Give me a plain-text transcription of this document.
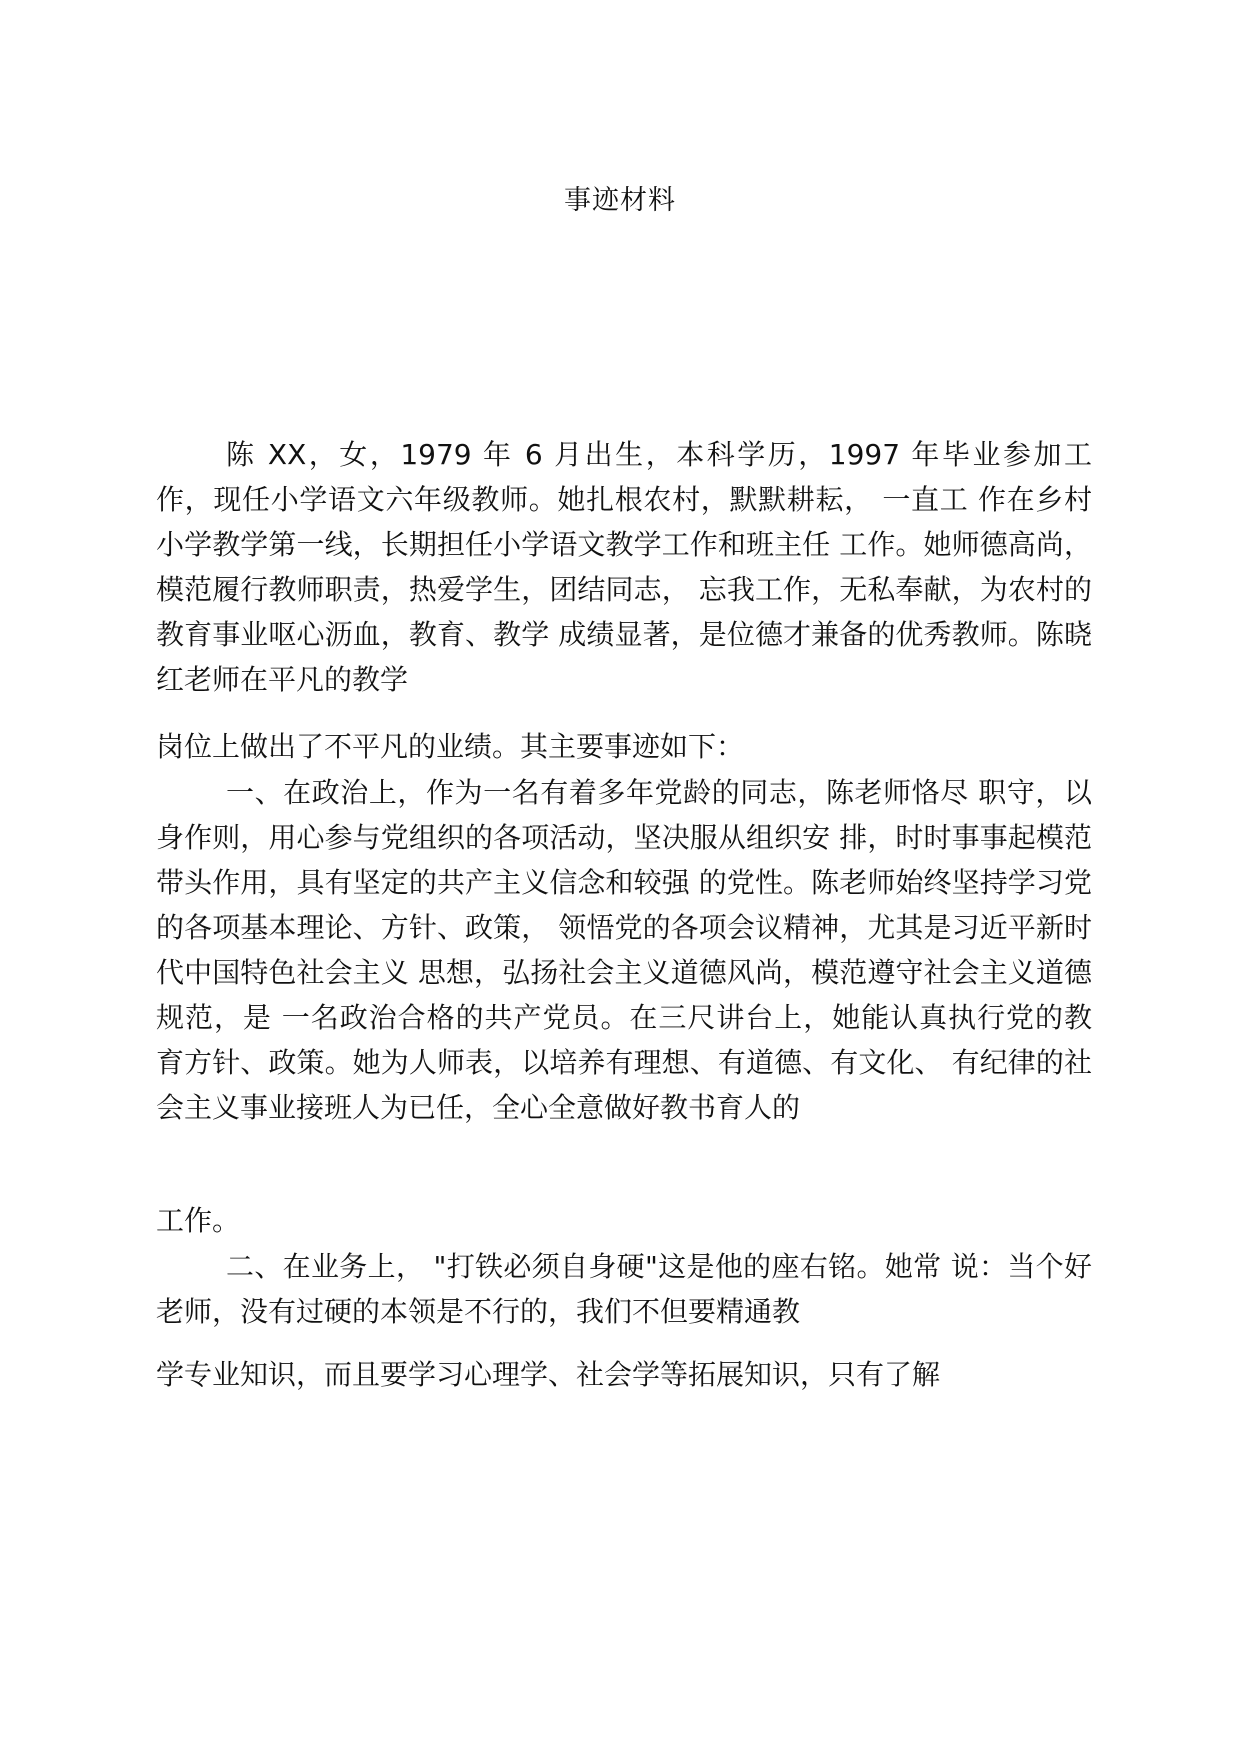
事迹材料

陈 XX，女，1979 年 6 月出生，本科学历，1997 年毕业参加工 作，现任小学语文六年级教师。她扎根农村，默默耕耘， 一直工 作在乡村小学教学第一线，长期担任小学语文教学工作和班主任 工作。她师德高尚，模范履行教师职责，热爱学生，团结同志， 忘我工作，无私奉献，为农村的教育事业呕心沥血，教育、教学 成绩显著，是位德才兼备的优秀教师。陈晓红老师在平凡的教学

岗位上做出了不平凡的业绩。其主要事迹如下：

一、在政治上，作为一名有着多年党龄的同志，陈老师恪尽 职守，以身作则，用心参与党组织的各项活动，坚决服从组织安 排，时时事事起模范带头作用，具有坚定的共产主义信念和较强 的党性。陈老师始终坚持学习党的各项基本理论、方针、政策， 领悟党的各项会议精神，尤其是习近平新时代中国特色社会主义 思想，弘扬社会主义道德风尚，模范遵守社会主义道德规范，是 一名政治合格的共产党员。在三尺讲台上，她能认真执行党的教 育方针、政策。她为人师表，以培养有理想、有道德、有文化、 有纪律的社会主义事业接班人为已任，全心全意做好教书育人的

工作。

二、在业务上， "打铁必须自身硬"这是他的座右铭。她常 说：当个好老师，没有过硬的本领是不行的，我们不但要精通教

学专业知识，而且要学习心理学、社会学等拓展知识，只有了解
